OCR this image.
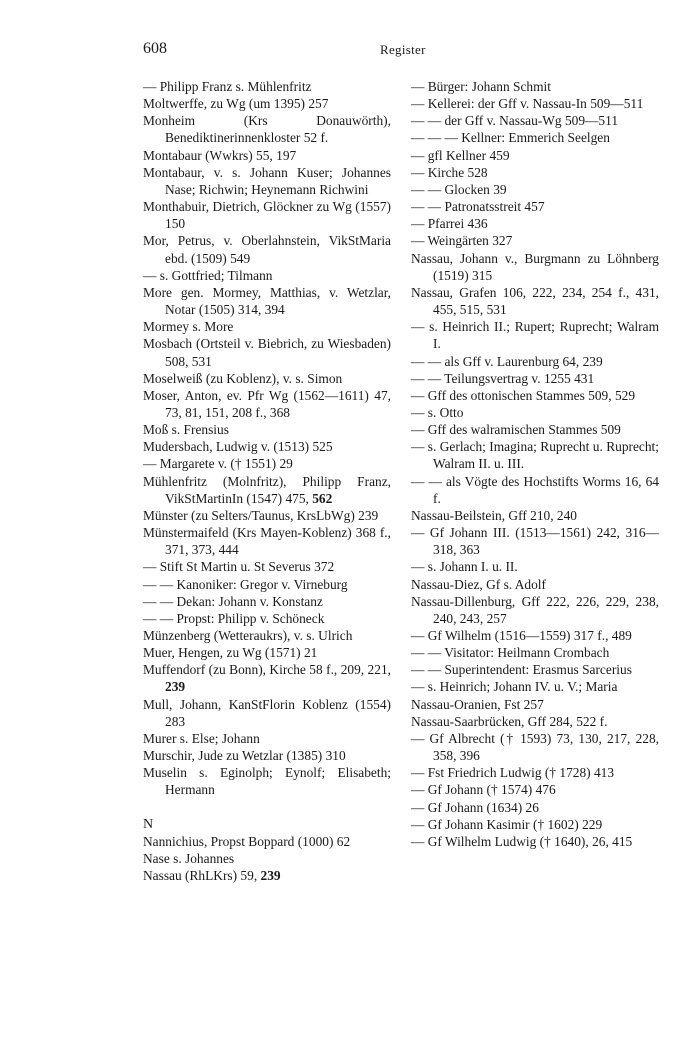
608	Register
— Philipp Franz s. Mühlenfritz
Moltwerffe, zu Wg (um 1395) 257
Monheim (Krs Donauwörth), Benediktinerinnenkloster 52 f.
Montabaur (Wwkrs) 55, 197
Montabaur, v. s. Johann Kuser; Johannes Nase; Richwin; Heynemann Richwini
Monthabuir, Dietrich, Glöckner zu Wg (1557) 150
Mor, Petrus, v. Oberlahnstein, VikStMaria ebd. (1509) 549
— s. Gottfried; Tilmann
More gen. Mormey, Matthias, v. Wetzlar, Notar (1505) 314, 394
Mormey s. More
Mosbach (Ortsteil v. Biebrich, zu Wiesbaden) 508, 531
Moselweiß (zu Koblenz), v. s. Simon
Moser, Anton, ev. Pfr Wg (1562—1611) 47, 73, 81, 151, 208 f., 368
Moß s. Frensius
Mudersbach, Ludwig v. (1513) 525
— Margarete v. († 1551) 29
Mühlenfritz (Molnfritz), Philipp Franz, VikStMartinIn (1547) 475, 562
Münster (zu Selters/Taunus, KrsLbWg) 239
Münstermaifeld (Krs Mayen-Koblenz) 368 f., 371, 373, 444
— Stift St Martin u. St Severus 372
— — Kanoniker: Gregor v. Virneburg
— — Dekan: Johann v. Konstanz
— — Propst: Philipp v. Schöneck
Münzenberg (Wetteraukrs), v. s. Ulrich
Muer, Hengen, zu Wg (1571) 21
Muffendorf (zu Bonn), Kirche 58 f., 209, 221, 239
Mull, Johann, KanStFlorin Koblenz (1554) 283
Murer s. Else; Johann
Murschir, Jude zu Wetzlar (1385) 310
Muselin s. Eginolph; Eynolf; Elisabeth; Hermann
N
Nannichius, Propst Boppard (1000) 62
Nase s. Johannes
Nassau (RhLKrs) 59, 239
— Bürger: Johann Schmit
— Kellerei: der Gff v. Nassau-In 509—511
— — der Gff v. Nassau-Wg 509—511
— — — Kellner: Emmerich Seelgen
— gfl Kellner 459
— Kirche 528
— — Glocken 39
— — Patronatsstreit 457
— Pfarrei 436
— Weingärten 327
Nassau, Johann v., Burgmann zu Löhnberg (1519) 315
Nassau, Grafen 106, 222, 234, 254 f., 431, 455, 515, 531
— s. Heinrich II.; Rupert; Ruprecht; Walram I.
— — als Gff v. Laurenburg 64, 239
— — Teilungsvertrag v. 1255 431
— Gff des ottonischen Stammes 509, 529
— s. Otto
— Gff des walramischen Stammes 509
— s. Gerlach; Imagina; Ruprecht u. Ruprecht; Walram II. u. III.
— — als Vögte des Hochstifts Worms 16, 64 f.
Nassau-Beilstein, Gff 210, 240
— Gf Johann III. (1513—1561) 242, 316—318, 363
— s. Johann I. u. II.
Nassau-Diez, Gf s. Adolf
Nassau-Dillenburg, Gff 222, 226, 229, 238, 240, 243, 257
— Gf Wilhelm (1516—1559) 317 f., 489
— — Visitator: Heilmann Crombach
— — Superintendent: Erasmus Sarcerius
— s. Heinrich; Johann IV. u. V.; Maria
Nassau-Oranien, Fst 257
Nassau-Saarbrücken, Gff 284, 522 f.
— Gf Albrecht († 1593) 73, 130, 217, 228, 358, 396
— Fst Friedrich Ludwig († 1728) 413
— Gf Johann († 1574) 476
— Gf Johann (1634) 26
— Gf Johann Kasimir († 1602) 229
— Gf Wilhelm Ludwig († 1640), 26, 415
